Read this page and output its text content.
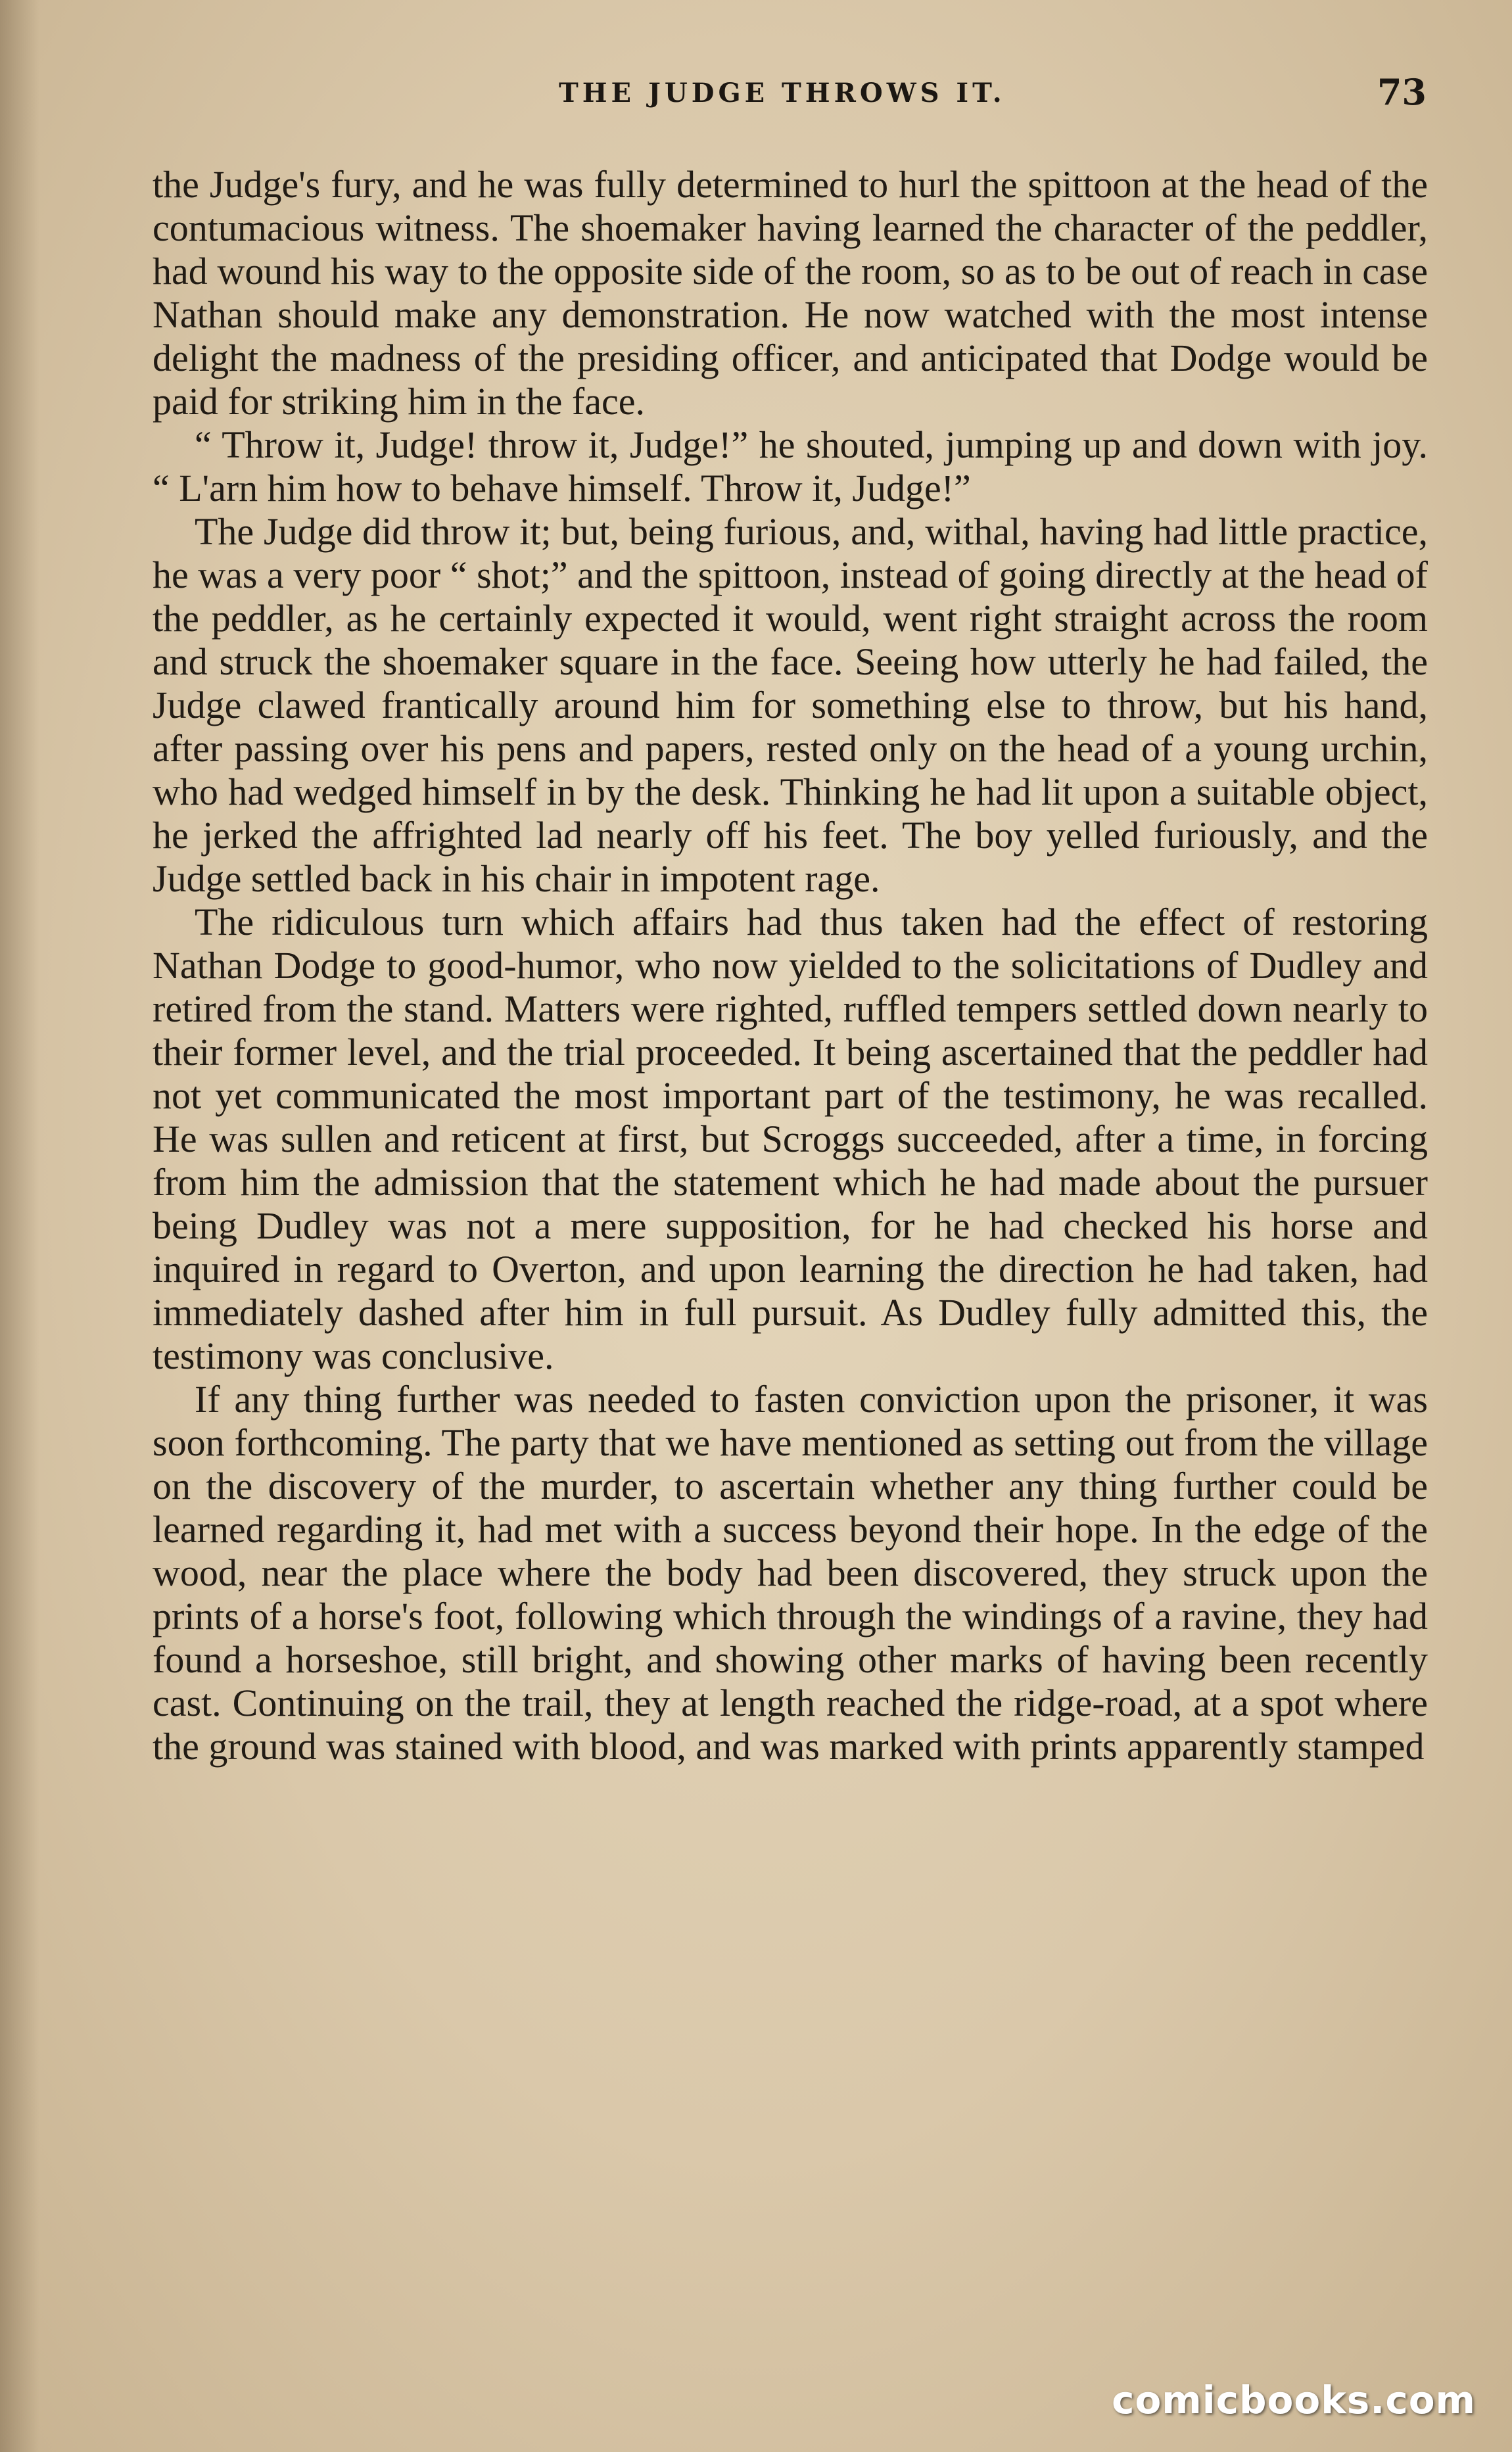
THE JUDGE THROWS IT.	73

the Judge's fury, and he was fully determined to hurl the spittoon at the head of the contumacious witness. The shoemaker having learned the character of the peddler, had wound his way to the opposite side of the room, so as to be out of reach in case Nathan should make any demonstration. He now watched with the most intense delight the madness of the presiding officer, and anticipated that Dodge would be paid for striking him in the face.

“ Throw it, Judge! throw it, Judge!” he shouted, jumping up and down with joy. “ L'arn him how to behave himself. Throw it, Judge!”

The Judge did throw it; but, being furious, and, withal, having had little practice, he was a very poor “ shot;” and the spittoon, instead of going directly at the head of the peddler, as he certainly expected it would, went right straight across the room and struck the shoemaker square in the face. Seeing how utterly he had failed, the Judge clawed frantically around him for something else to throw, but his hand, after passing over his pens and papers, rested only on the head of a young urchin, who had wedged himself in by the desk. Thinking he had lit upon a suitable object, he jerked the affrighted lad nearly off his feet. The boy yelled furiously, and the Judge settled back in his chair in impotent rage.

The ridiculous turn which affairs had thus taken had the effect of restoring Nathan Dodge to good-humor, who now yielded to the solicitations of Dudley and retired from the stand. Matters were righted, ruffled tempers settled down nearly to their former level, and the trial proceeded. It being ascertained that the peddler had not yet communicated the most important part of the testimony, he was recalled. He was sullen and reticent at first, but Scroggs succeeded, after a time, in forcing from him the admission that the statement which he had made about the pursuer being Dudley was not a mere supposition, for he had checked his horse and inquired in regard to Overton, and upon learning the direction he had taken, had immediately dashed after him in full pursuit. As Dudley fully admitted this, the testimony was conclusive.

If any thing further was needed to fasten conviction upon the prisoner, it was soon forthcoming. The party that we have mentioned as setting out from the village on the discovery of the murder, to ascertain whether any thing further could be learned regarding it, had met with a success beyond their hope. In the edge of the wood, near the place where the body had been discovered, they struck upon the prints of a horse's foot, following which through the windings of a ravine, they had found a horseshoe, still bright, and showing other marks of having been recently cast. Continuing on the trail, they at length reached the ridge-road, at a spot where the ground was stained with blood, and was marked with prints apparently stamped

comicbooks.com
